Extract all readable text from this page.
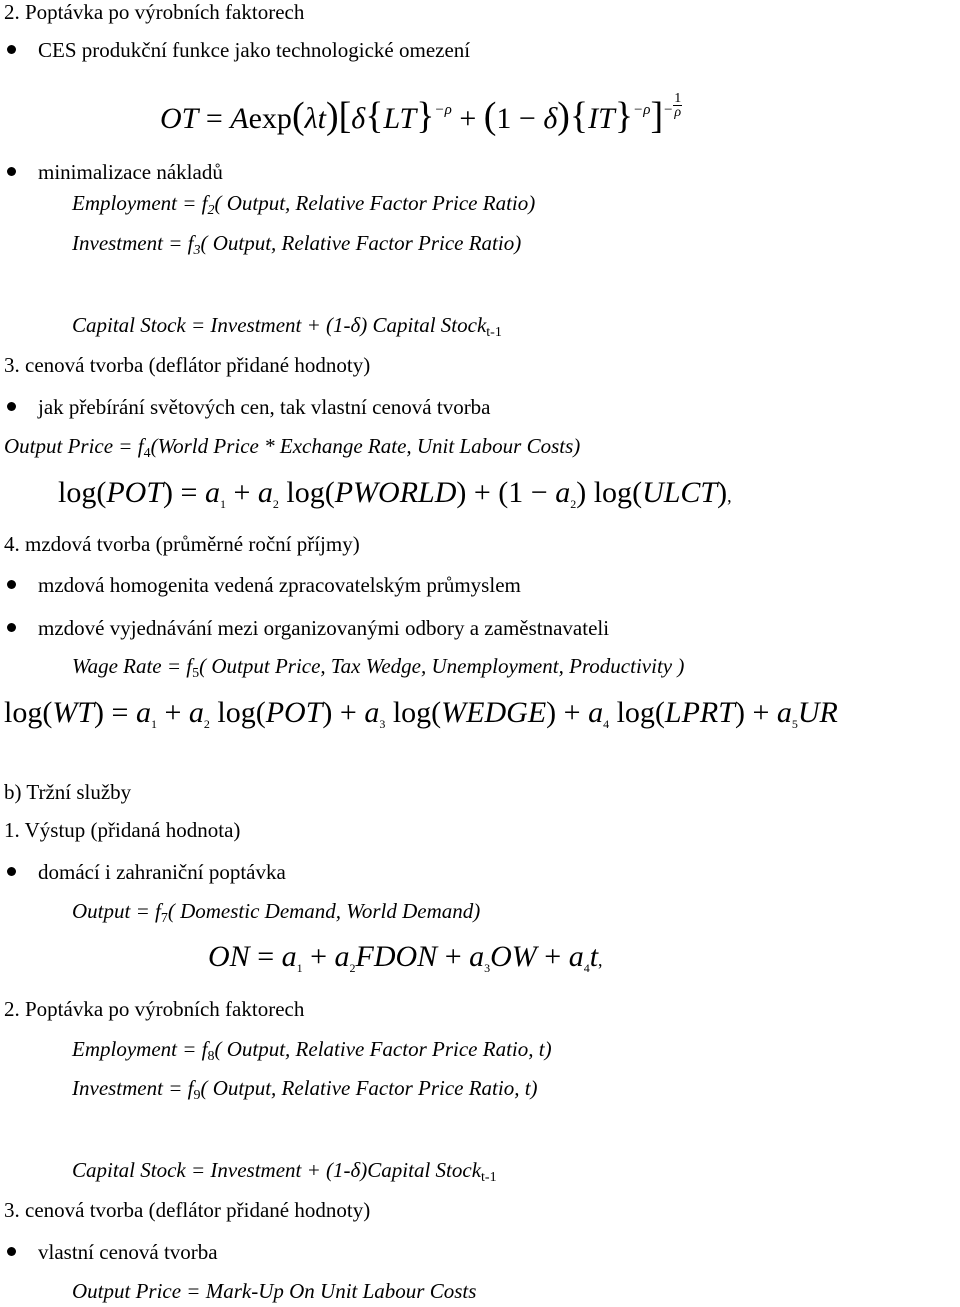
2. Poptávka po výrobních faktorech
CES produkční funkce jako technologické omezení
OT = $Aexp(\lambda t)[\delta\{LT\}^{-\rho} + (1 - \delta)\{IT\}^{-\rho}]^- \frac{1}{\rho}$
minimalizace nákladů
Employment = $f_2$( Output, Relative Factor Price Ratio)
Investment = $f_3$( Output, Relative Factor Price Ratio)
Capital Stock = Investment + (1-δ) Capital Stock$_{t-1}$
3. cenová tvorba (deflátor přidané hodnoty)
jak přebírání světových cen, tak vlastní cenová tvorba
Output Price = $f_4(World$ Price * Exchange Rate, Unit Labour Costs)
$\log(POT) = a_1 + a_2$ log(PWORLD) + $(1 - a_2)$ log(ULCT),
4. mzdová tvorba (průměrné roční příjmy)
mzdová homogenita vedená zpracovatelským průmyslem
mzdové vyjednávání mezi organizovanými odbory a zaměstnavateli
Wage Rate = $f_5$( Output Price, Tax Wedge, Unemployment, Productivity )
$\log(WT) = a_1 + a_2$ $\log(POT) + a_3$ log(WEDGE) + $a_4$ log(LPRT) + $a_5UR$
b) Tržní služby
1. Výstup (přidaná hodnota)
domácí i zahraniční poptávka
Output = $f_7$( Domestic Demand, World Demand)
ON = $a_1$ + $a_2FDON + a_3OW + a_4t$,
2. Poptávka po výrobních faktorech
Employment = $f_8$( Output, Relative Factor Price Ratio, t)
Investment = $f_9$( Output, Relative Factor Price Ratio, t)
Capital Stock = Investment + (1-δ)Capital Stock$_{t-1}$
3. cenová tvorba (deflátor přidané hodnoty)
vlastní cenová tvorba
Output Price = Mark-Up On Unit Labour Costs
